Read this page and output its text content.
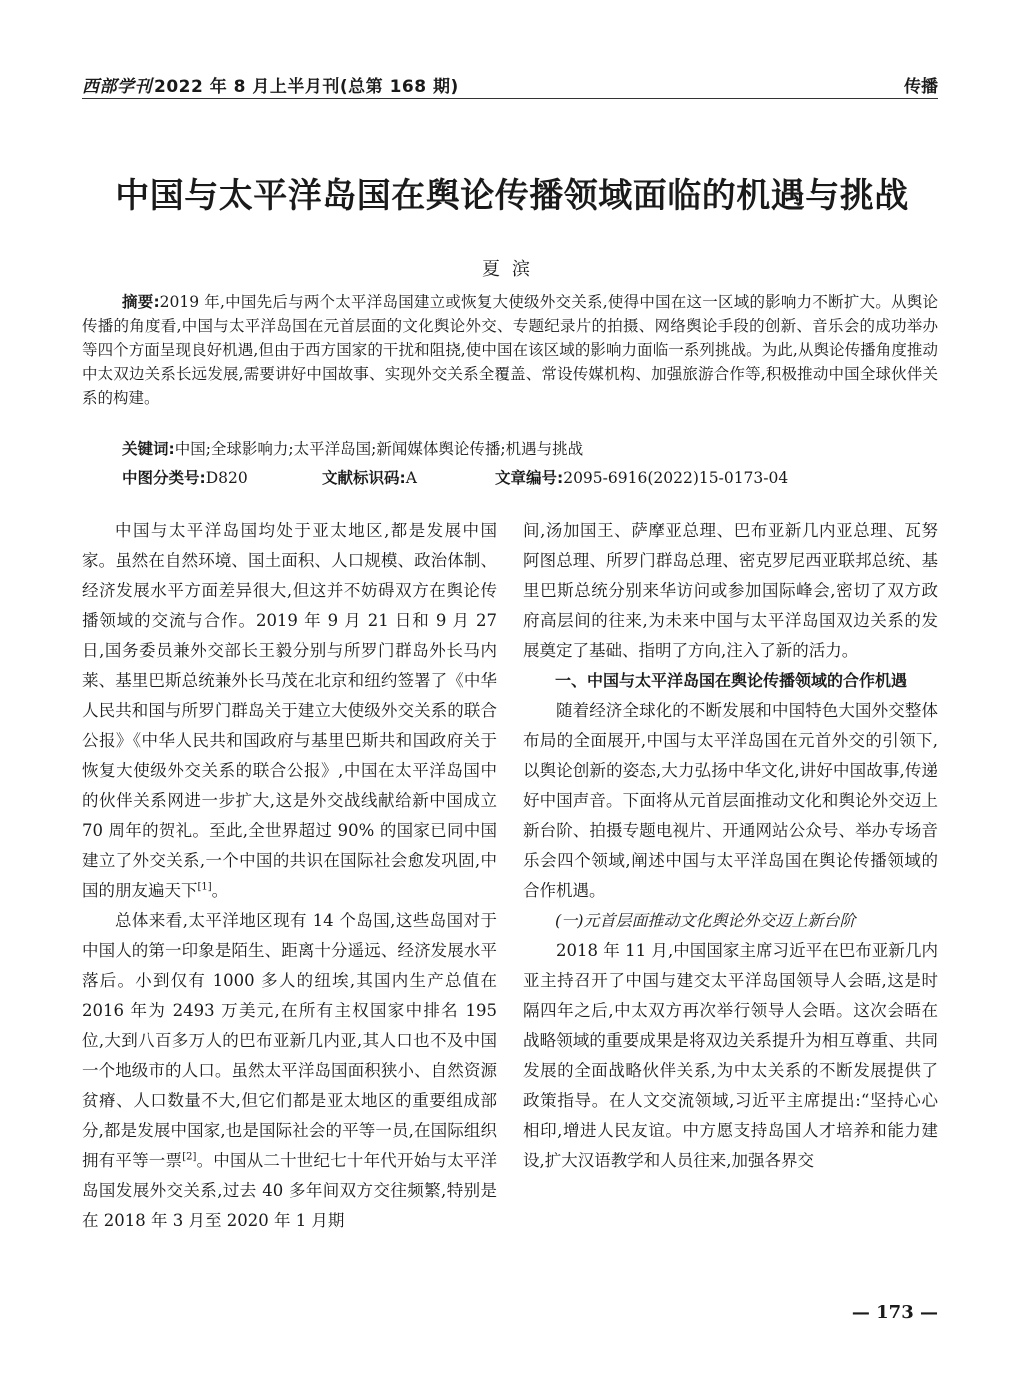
西部学刊 2022 年 8 月上半月刊(总第 168 期)	传播
中国与太平洋岛国在舆论传播领域面临的机遇与挑战
夏滨
摘要:2019 年,中国先后与两个太平洋岛国建立或恢复大使级外交关系,使得中国在这一区域的影响力不断扩大。从舆论传播的角度看,中国与太平洋岛国在元首层面的文化舆论外交、专题纪录片的拍摄、网络舆论手段的创新、音乐会的成功举办等四个方面呈现良好机遇,但由于西方国家的干扰和阻挠,使中国在该区域的影响力面临一系列挑战。为此,从舆论传播角度推动中太双边关系长远发展,需要讲好中国故事、实现外交关系全覆盖、常设传媒机构、加强旅游合作等,积极推动中国全球伙伴关系的构建。
关键词:中国;全球影响力;太平洋岛国;新闻媒体舆论传播;机遇与挑战
中图分类号:D820	文献标识码:A	文章编号:2095-6916(2022)15-0173-04

中国与太平洋岛国均处于亚太地区,都是发展中国家。虽然在自然环境、国土面积、人口规模、政治体制、经济发展水平方面差异很大,但这并不妨碍双方在舆论传播领域的交流与合作。2019 年 9 月 21 日和 9 月 27 日,国务委员兼外交部长王毅分别与所罗门群岛外长马内莱、基里巴斯总统兼外长马茂在北京和纽约签署了《中华人民共和国与所罗门群岛关于建立大使级外交关系的联合公报》《中华人民共和国政府与基里巴斯共和国政府关于恢复大使级外交关系的联合公报》,中国在太平洋岛国中的伙伴关系网进一步扩大,这是外交战线献给新中国成立 70 周年的贺礼。至此,全世界超过 90% 的国家已同中国建立了外交关系,一个中国的共识在国际社会愈发巩固,中国的朋友遍天下[1]。

总体来看,太平洋地区现有 14 个岛国,这些岛国对于中国人的第一印象是陌生、距离十分遥远、经济发展水平落后。小到仅有 1000 多人的纽埃,其国内生产总值在 2016 年为 2493 万美元,在所有主权国家中排名 195 位,大到八百多万人的巴布亚新几内亚,其人口也不及中国一个地级市的人口。虽然太平洋岛国面积狭小、自然资源贫瘠、人口数量不大,但它们都是亚太地区的重要组成部分,都是发展中国家,也是国际社会的平等一员,在国际组织拥有平等一票[2]。中国从二十世纪七十年代开始与太平洋岛国发展外交关系,过去 40 多年间双方交往频繁,特别是在 2018 年 3 月至 2020 年 1 月期

间,汤加国王、萨摩亚总理、巴布亚新几内亚总理、瓦努阿图总理、所罗门群岛总理、密克罗尼西亚联邦总统、基里巴斯总统分别来华访问或参加国际峰会,密切了双方政府高层间的往来,为未来中国与太平洋岛国双边关系的发展奠定了基础、指明了方向,注入了新的活力。

一、中国与太平洋岛国在舆论传播领域的合作机遇

随着经济全球化的不断发展和中国特色大国外交整体布局的全面展开,中国与太平洋岛国在元首外交的引领下,以舆论创新的姿态,大力弘扬中华文化,讲好中国故事,传递好中国声音。下面将从元首层面推动文化和舆论外交迈上新台阶、拍摄专题电视片、开通网站公众号、举办专场音乐会四个领域,阐述中国与太平洋岛国在舆论传播领域的合作机遇。

(一)元首层面推动文化舆论外交迈上新台阶

2018 年 11 月,中国国家主席习近平在巴布亚新几内亚主持召开了中国与建交太平洋岛国领导人会晤,这是时隔四年之后,中太双方再次举行领导人会晤。这次会晤在战略领域的重要成果是将双边关系提升为相互尊重、共同发展的全面战略伙伴关系,为中太关系的不断发展提供了政策指导。在人文交流领域,习近平主席提出:“坚持心心相印,增进人民友谊。中方愿支持岛国人才培养和能力建设,扩大汉语教学和人员往来,加强各界交

— 173 —
